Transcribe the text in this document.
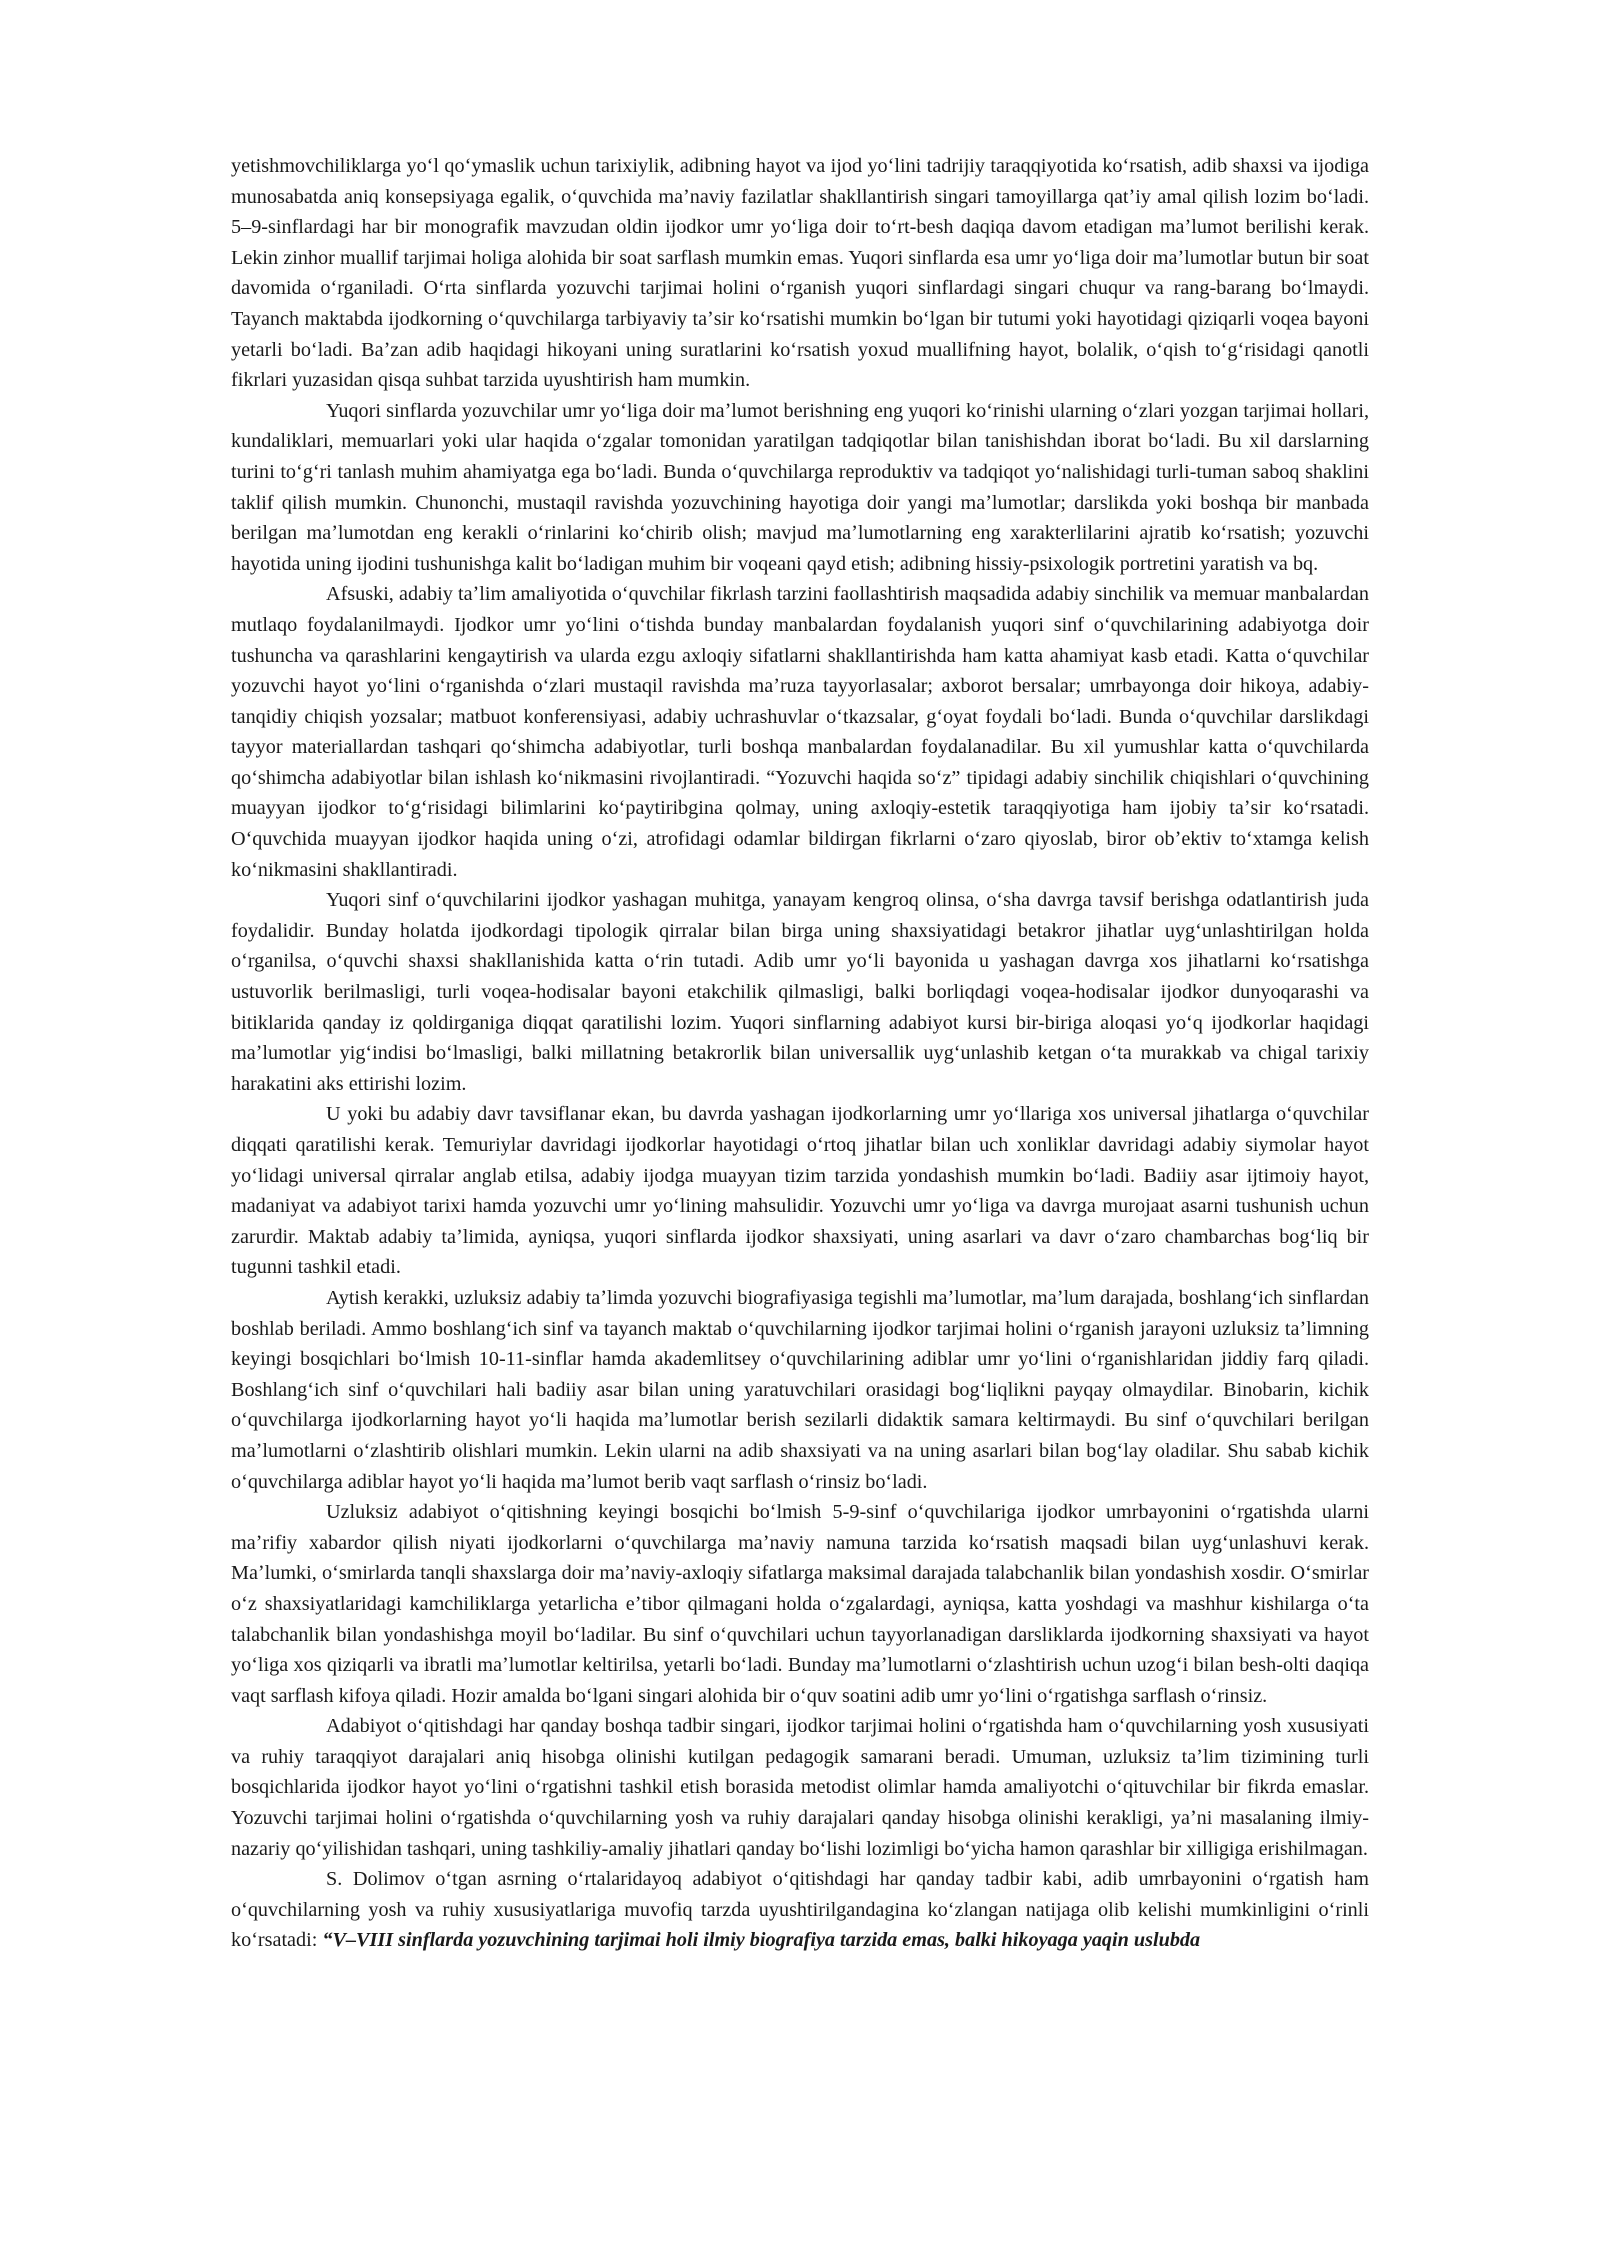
yetishmovchiliklarga yoʻl qoʻymaslik uchun tarixiylik, adibning hayot va ijod yoʻlini tadrijiy taraqqiyotida koʻrsatish, adib shaxsi va ijodiga munosabatda aniq konsepsiyaga egalik, oʻquvchida maʼnaviy fazilatlar shakllantirish singari tamoyillarga qatʼiy amal qilish lozim boʻladi. 5–9-sinflardagi har bir monografik mavzudan oldin ijodkor umr yoʻliga doir toʻrt-besh daqiqa davom etadigan maʼlumot berilishi kerak. Lekin zinhor muallif tarjimai holiga alohida bir soat sarflash mumkin emas. Yuqori sinflarda esa umr yoʻliga doir maʼlumotlar butun bir soat davomida oʻrganiladi. Oʻrta sinflarda yozuvchi tarjimai holini oʻrganish yuqori sinflardagi singari chuqur va rang-barang boʻlmaydi. Tayanch maktabda ijodkorning oʻquvchilarga tarbiyaviy taʼsir koʻrsatishi mumkin boʻlgan bir tutumi yoki hayotidagi qiziqarli voqea bayoni yetarli boʻladi. Baʼzan adib haqidagi hikoyani uning suratlarini koʻrsatish yoxud muallifning hayot, bolalik, oʻqish toʻgʻrisidagi qanotli fikrlari yuzasidan qisqa suhbat tarzida uyushtirish ham mumkin.

Yuqori sinflarda yozuvchilar umr yoʻliga doir maʼlumot berishning eng yuqori koʻrinishi ularning oʻzlari yozgan tarjimai hollari, kundaliklari, memuarlari yoki ular haqida oʻzgalar tomonidan yaratilgan tadqiqotlar bilan tanishishdan iborat boʻladi. Bu xil darslarning turini toʻgʻri tanlash muhim ahamiyatga ega boʻladi. Bunda oʻquvchilarga reproduktiv va tadqiqot yoʻnalishidagi turli-tuman saboq shaklini taklif qilish mumkin. Chunonchi, mustaqil ravishda yozuvchining hayotiga doir yangi maʼlumotlar; darslikda yoki boshqa bir manbada berilgan maʼlumotdan eng kerakli oʻrinlarini koʻchirib olish; mavjud maʼlumotlarning eng xarakterlilarini ajratib koʻrsatish; yozuvchi hayotida uning ijodini tushunishga kalit boʻladigan muhim bir voqeani qayd etish; adibning hissiy-psixologik portretini yaratish va bq.

Afsuski, adabiy taʼlim amaliyotida oʻquvchilar fikrlash tarzini faollashtirish maqsadida adabiy sinchilik va memuar manbalardan mutlaqo foydalanilmaydi. Ijodkor umr yoʻlini oʻtishda bunday manbalardan foydalanish yuqori sinf oʻquvchilarining adabiyotga doir tushuncha va qarashlarini kengaytirish va ularda ezgu axloqiy sifatlarni shakllantirishda ham katta ahamiyat kasb etadi. Katta oʻquvchilar yozuvchi hayot yoʻlini oʻrganishda oʻzlari mustaqil ravishda maʼruza tayyorlasalar; axborot bersalar; umrbayonga doir hikoya, adabiy-tanqidiy chiqish yozsalar; matbuot konferensiyasi, adabiy uchrashuvlar oʻtkazsalar, gʻoyat foydali boʻladi. Bunda oʻquvchilar darslikdagi tayyor materiallardan tashqari qoʻshimcha adabiyotlar, turli boshqa manbalardan foydalanadilar. Bu xil yumushlar katta oʻquvchilarda qoʻshimcha adabiyotlar bilan ishlash koʻnikmasini rivojlantiradi. “Yozuvchi haqida soʻz” tipidagi adabiy sinchilik chiqishlari oʻquvchining muayyan ijodkor toʻgʻrisidagi bilimlarini koʻpaytiribgina qolmay, uning axloqiy-estetik taraqqiyotiga ham ijobiy taʼsir koʻrsatadi. Oʻquvchida muayyan ijodkor haqida uning oʻzi, atrofidagi odamlar bildirgan fikrlarni oʻzaro qiyoslab, biror obʼektiv toʻxtamga kelish koʻnikmasini shakllantiradi.

Yuqori sinf oʻquvchilarini ijodkor yashagan muhitga, yanayam kengroq olinsa, oʻsha davrga tavsif berishga odatlantirish juda foydalidir. Bunday holatda ijodkordagi tipologik qirralar bilan birga uning shaxsiyatidagi betakror jihatlar uygʻunlashtirilgan holda oʻrganilsa, oʻquvchi shaxsi shakllanishida katta oʻrin tutadi. Adib umr yoʻli bayonida u yashagan davrga xos jihatlarni koʻrsatishga ustuvorlik berilmasligi, turli voqea-hodisalar bayoni etakchilik qilmasligi, balki borliqdagi voqea-hodisalar ijodkor dunyoqarashi va bitiklarida qanday iz qoldirganiga diqqat qaratilishi lozim. Yuqori sinflarning adabiyot kursi bir-biriga aloqasi yoʻq ijodkorlar haqidagi maʼlumotlar yigʻindisi boʻlmasligi, balki millatning betakrorlik bilan universallik uygʻunlashib ketgan oʻta murakkab va chigal tarixiy harakatini aks ettirishi lozim.

U yoki bu adabiy davr tavsiflanar ekan, bu davrda yashagan ijodkorlarning umr yoʻllariga xos universal jihatlarga oʻquvchilar diqqati qaratilishi kerak. Temuriylar davridagi ijodkorlar hayotidagi oʻrtoq jihatlar bilan uch xonliklar davridagi adabiy siymolar hayot yoʻlidagi universal qirralar anglab etilsa, adabiy ijodga muayyan tizim tarzida yondashish mumkin boʻladi. Badiiy asar ijtimoiy hayot, madaniyat va adabiyot tarixi hamda yozuvchi umr yoʻlining mahsulidir. Yozuvchi umr yoʻliga va davrga murojaat asarni tushunish uchun zarurdir. Maktab adabiy taʼlimida, ayniqsa, yuqori sinflarda ijodkor shaxsiyati, uning asarlari va davr oʻzaro chambarchas bogʻliq bir tugunni tashkil etadi.

Aytish kerakki, uzluksiz adabiy taʼlimda yozuvchi biografiyasiga tegishli maʼlumotlar, maʼlum darajada, boshlangʻich sinflardan boshlab beriladi. Ammo boshlangʻich sinf va tayanch maktab oʻquvchilarning ijodkor tarjimai holini oʻrganish jarayoni uzluksiz taʼlimning keyingi bosqichlari boʻlmish 10-11-sinflar hamda akademlitsey oʻquvchilarining adiblar umr yoʻlini oʻrganishlaridan jiddiy farq qiladi. Boshlangʻich sinf oʻquvchilari hali badiiy asar bilan uning yaratuvchilari orasidagi bogʻliqlikni payqay olmaydilar. Binobarin, kichik oʻquvchilarga ijodkorlarning hayot yoʻli haqida maʼlumotlar berish sezilarli didaktik samara keltirmaydi. Bu sinf oʻquvchilari berilgan maʼlumotlarni oʻzlashtirib olishlari mumkin. Lekin ularni na adib shaxsiyati va na uning asarlari bilan bogʻlay oladilar. Shu sabab kichik oʻquvchilarga adiblar hayot yoʻli haqida maʼlumot berib vaqt sarflash oʻrinsiz boʻladi.

Uzluksiz adabiyot oʻqitishning keyingi bosqichi boʻlmish 5-9-sinf oʻquvchilariga ijodkor umrbayonini oʻrgatishda ularni maʼrifiy xabardor qilish niyati ijodkorlarni oʻquvchilarga maʼnaviy namuna tarzida koʻrsatish maqsadi bilan uygʻunlashuvi kerak. Maʼlumki, oʻsmirlarda tanqli shaxslarga doir maʼnaviy-axloqiy sifatlarga maksimal darajada talabchanlik bilan yondashish xosdir. Oʻsmirlar oʻz shaxsiyatlaridagi kamchiliklarga yetarlicha eʼtibor qilmagani holda oʻzgalardagi, ayniqsa, katta yoshdagi va mashhur kishilarga oʻta talabchanlik bilan yondashishga moyil boʻladilar. Bu sinf oʻquvchilari uchun tayyorlanadigan darsliklarda ijodkorning shaxsiyati va hayot yoʻliga xos qiziqarli va ibratli maʼlumotlar keltirilsa, yetarli boʻladi. Bunday maʼlumotlarni oʻzlashtirish uchun uzogʻi bilan besh-olti daqiqa vaqt sarflash kifoya qiladi. Hozir amalda boʻlgani singari alohida bir oʻquv soatini adib umr yoʻlini oʻrgatishga sarflash oʻrinsiz.

Adabiyot oʻqitishdagi har qanday boshqa tadbir singari, ijodkor tarjimai holini oʻrgatishda ham oʻquvchilarning yosh xususiyati va ruhiy taraqqiyot darajalari aniq hisobga olinishi kutilgan pedagogik samarani beradi. Umuman, uzluksiz taʼlim tizimining turli bosqichlarida ijodkor hayot yoʻlini oʻrgatishni tashkil etish borasida metodist olimlar hamda amaliyotchi oʻqituvchilar bir fikrda emaslar. Yozuvchi tarjimai holini oʻrgatishda oʻquvchilarning yosh va ruhiy darajalari qanday hisobga olinishi kerakligi, yaʼni masalaning ilmiy-nazariy qoʻyilishidan tashqari, uning tashkiliy-amaliy jihatlari qanday boʻlishi lozimligi boʻyicha hamon qarashlar bir xilligiga erishilmagan.

S. Dolimov oʻtgan asrning oʻrtalaridayoq adabiyot oʻqitishdagi har qanday tadbir kabi, adib umrbayonini oʻrgatish ham oʻquvchilarning yosh va ruhiy xususiyatlariga muvofiq tarzda uyushtirilgandagina koʻzlangan natijaga olib kelishi mumkinligini oʻrinli koʻrsatadi: “V–VIII sinflarda yozuvchining tarjimai holi ilmiy biografiya tarzida emas, balki hikoyaga yaqin uslubda
